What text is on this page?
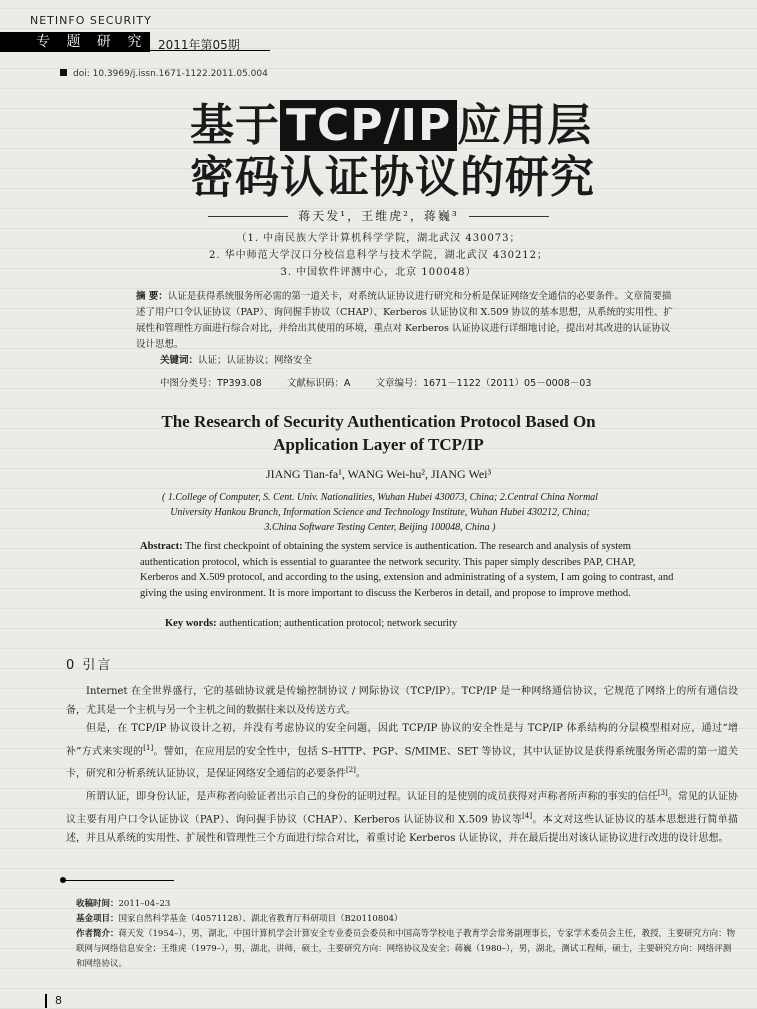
NETINFO SECURITY
专 题 研 究 2011年第05期
doi: 10.3969/j.issn.1671-1122.2011.05.004
基于 TCP/IP 应用层
密码认证协议的研究
蒋天发¹，王维虎²，蒋巍³
（1. 中南民族大学计算机科学学院，湖北武汉 430073；
2. 华中师范大学汉口分校信息科学与技术学院，湖北武汉 430212；
3. 中国软件评测中心，北京 100048）
摘 要：认证是获得系统服务所必需的第一道关卡，对系统认证协议进行研究和分析是保证网络安全通信的必要条件。文章简要描述了用户口令认证协议（PAP）、询问握手协议（CHAP）、Kerberos 认证协议和 X.509 协议的基本思想，从系统的实用性、扩展性和管理性方面进行综合对比，并给出其使用的环境，重点对 Kerberos 认证协议进行详细地讨论，提出对其改进的认证协议设计思想。
关键词：认证；认证协议；网络安全
中图分类号：TP393.08	文献标识码：A	文章编号：1671－1122（2011）05－0008－03
The Research of Security Authentication Protocol Based On
Application Layer of TCP/IP
JIANG Tian-fa¹, WANG Wei-hu², JIANG Wei³
( 1.College of Computer, S. Cent. Univ. Nationalities, Wuhan Hubei 430073, China; 2.Central China Normal
University Hankou Branch, Information Science and Technology Institute, Wuhan Hubei 430212, China;
3.China Software Testing Center, Beijing 100048, China )
Abstract: The first checkpoint of obtaining the system service is authentication. The research and analysis of system authentication protocol, which is essential to guarantee the network security. This paper simply describes PAP, CHAP, Kerberos and X.509 protocol, and according to the using, extension and administrating of a system, I am going to contrast, and giving the using environment. It is more important to discuss the Kerberos in detail, and propose to improve method.
Key words: authentication; authentication protocol; network security
0 引言

Internet 在全世界盛行，它的基础协议就是传输控制协议 / 网际协议（TCP/IP）。TCP/IP 是一种网络通信协议，它规范了网络上的所有通信设备，尤其是一个主机与另一个主机之间的数据往来以及传送方式。

但是，在 TCP/IP 协议设计之初，并没有考虑协议的安全问题，因此 TCP/IP 协议的安全性是与 TCP/IP 体系结构的分层模型相对应，通过“增补”方式来实现的[1]。譬如，在应用层的安全性中，包括 S–HTTP、PGP、S/MIME、SET 等协议，其中认证协议是获得系统服务所必需的第一道关卡，研究和分析系统认证协议，是保证网络安全通信的必要条件[2]。

所谓认证，即身份认证，是声称者向验证者出示自己的身份的证明过程。认证目的是使别的成员获得对声称者所声称的事实的信任[3]。常见的认证协议主要有用户口令认证协议（PAP）、询问握手协议（CHAP）、Kerberos 认证协议和 X.509 协议等[4]。本文对这些认证协议的基本思想进行简单描述，并且从系统的实用性、扩展性和管理性三个方面进行综合对比，着重讨论 Kerberos 认证协议，并在最后提出对该认证协议进行改进的设计思想。

收稿时间：2011–04–23
基金项目：国家自然科学基金（40571128）、湖北省教育厅科研项目（B20110804）
作者简介：蒋天发（1954–），男，湖北，中国计算机学会计算安全专业委员会委员和中国高等学校电子教育学会常务副理事长，专家学术委员会主任，教授，主要研究方向：物联网与网络信息安全；王维虎（1979–），男，湖北，讲师，硕士，主要研究方向：网络协议及安全；蒋巍（1980–），男，湖北，测试工程师，硕士，主要研究方向：网络评测和网络协议。
8
